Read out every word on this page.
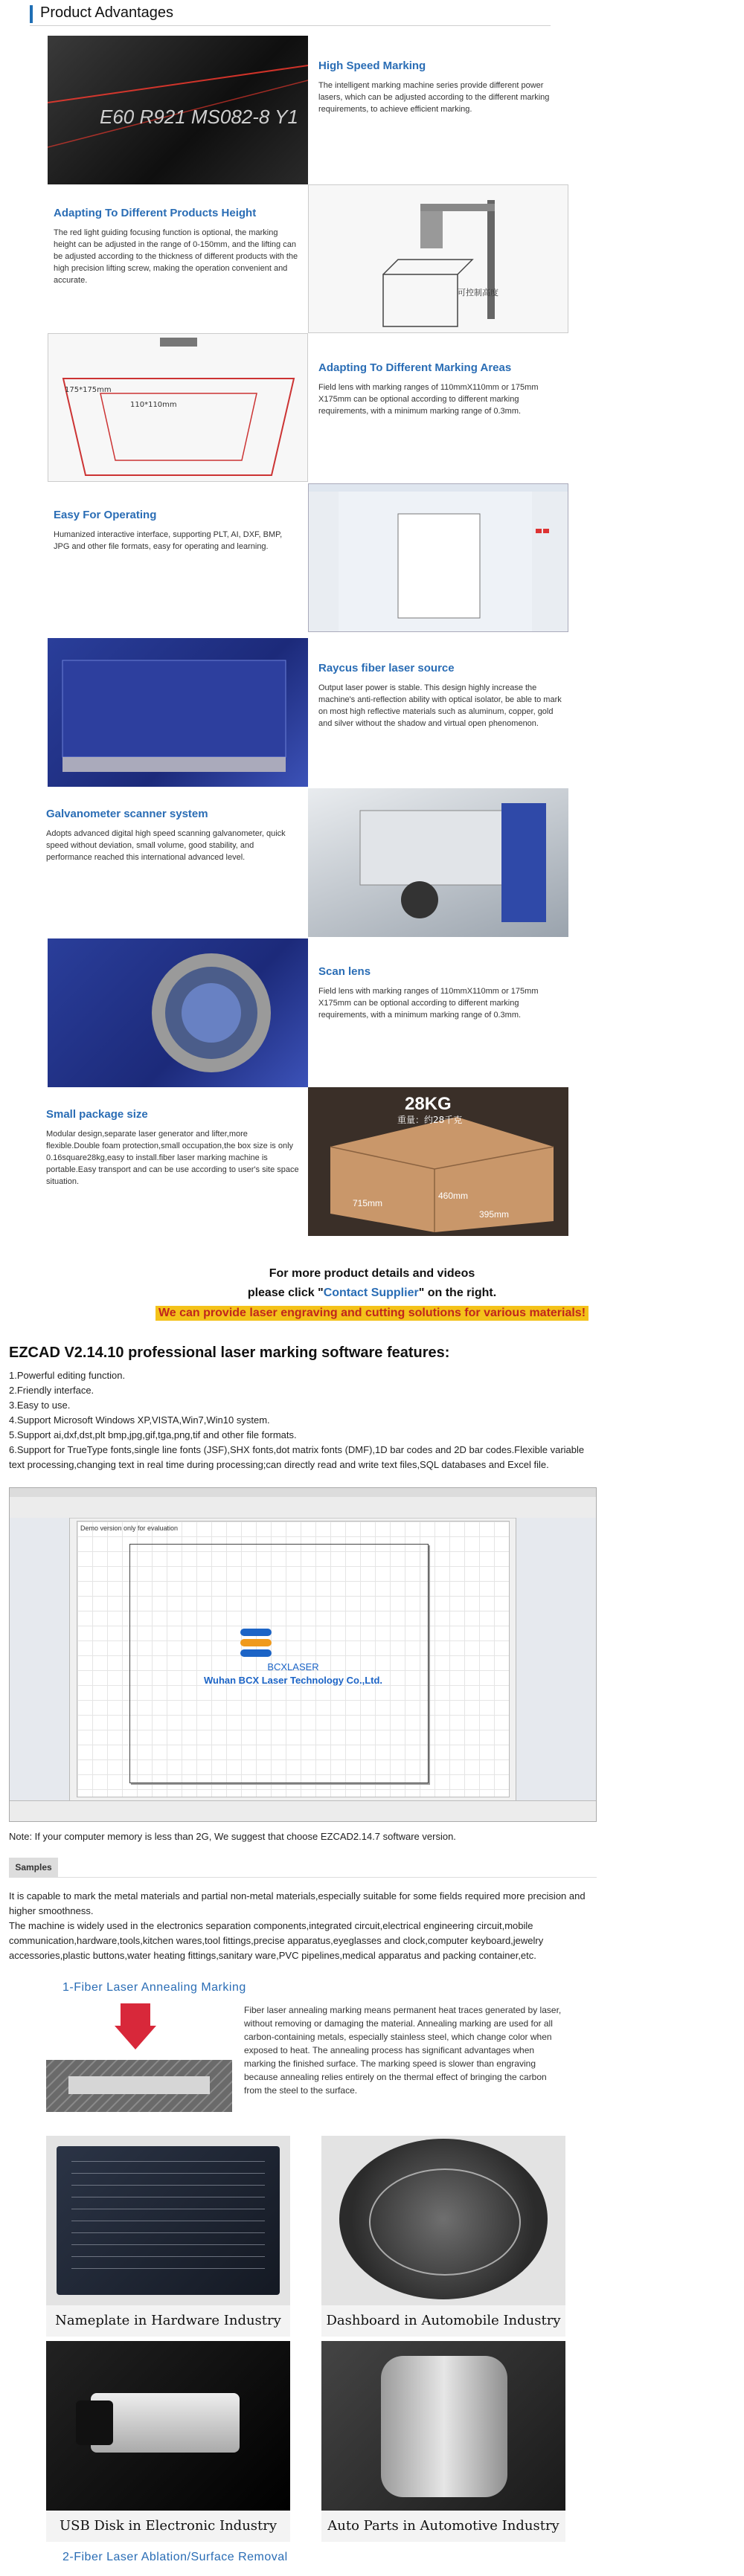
Product Advantages
E60 R921 MS082-8 Y1
High Speed Marking

The intelligent marking machine series provide different power lasers, which can be adjusted according to the different marking requirements, to achieve efficient marking.

Adapting To Different Products Height

The red light guiding focusing function is optional, the marking height can be adjusted in the range of 0-150mm, and the lifting can be adjusted according to the thickness of different products with the high precision lifting screw, making the operation convenient and accurate.

可控制高度
175*175mm
110*110mm
Adapting To Different Marking Areas

Field lens with marking ranges of 110mmX110mm or 175mm X175mm can be optional according to different marking requirements, with a minimum marking range of 0.3mm.

Easy For Operating

Humanized interactive interface, supporting PLT, AI, DXF, BMP, JPG and other file formats, easy for operating and learning.

Raycus fiber laser source

Output laser power is stable. This design highly increase the machine's anti-reflection ability with optical isolator, be able to mark on most high reflective materials such as aluminum, copper, gold and silver without the shadow and virtual open phenomenon.

Galvanometer scanner system

Adopts advanced digital high speed scanning galvanometer, quick speed without deviation, small volume, good stability, and performance reached this international advanced level.

Scan lens

Field lens with marking ranges of 110mmX110mm or 175mm X175mm can be optional according to different marking requirements, with a minimum marking range of 0.3mm.

Small package size

Modular design,separate laser generator and lifter,more flexible.Double foam protection,small occupation,the box size is only 0.16square28kg,easy to install.fiber laser marking machine is portable.Easy transport and can be use according to user's site space situation.

28KG
重量：约28千克
715mm
395mm
460mm
For more product details and videos
please click "Contact Supplier" on the right.
We can provide laser engraving and cutting solutions for various materials!
EZCAD V2.14.10 professional laser marking software features:
1.Powerful editing function.
2.Friendly interface.
3.Easy to use.
4.Support Microsoft Windows XP,VISTA,Win7,Win10 system.
5.Support ai,dxf,dst,plt bmp,jpg,gif,tga,png,tif and other file formats.
6.Support for TrueType fonts,single line fonts (JSF),SHX fonts,dot matrix fonts (DMF),1D bar codes and 2D bar codes.Flexible variable text processing,changing text in real time during processing;can directly read and write text files,SQL databases and Excel file.
Demo version only for evaluation
BCXLASER
Wuhan BCX Laser Technology Co.,Ltd.
Note: If your computer memory is less than 2G, We suggest that choose EZCAD2.14.7 software version.
Samples
It is capable to mark the metal materials and partial non-metal materials,especially suitable for some fields required more precision and higher smoothness.
The machine is widely used in the electronics separation components,integrated circuit,electrical engineering circuit,mobile communication,hardware,tools,kitchen wares,tool fittings,precise apparatus,eyeglasses and clock,computer keyboard,jewelry accessories,plastic buttons,water heating fittings,sanitary ware,PVC pipelines,medical apparatus and packing container,etc.
1-Fiber Laser Annealing Marking
Fiber laser annealing marking means permanent heat traces generated by laser, without removing or damaging the material. Annealing marking are used for all carbon-containing metals, especially stainless steel, which change color when exposed to heat. The annealing process has significant advantages when marking the finished surface. The marking speed is slower than engraving because annealing relies entirely on the thermal effect of bringing the carbon from the steel to the surface.
Nameplate in Hardware Industry	Dashboard in Automobile Industry
USB Disk in Electronic Industry	Auto Parts in Automotive Industry
2-Fiber Laser Ablation/Surface Removal
